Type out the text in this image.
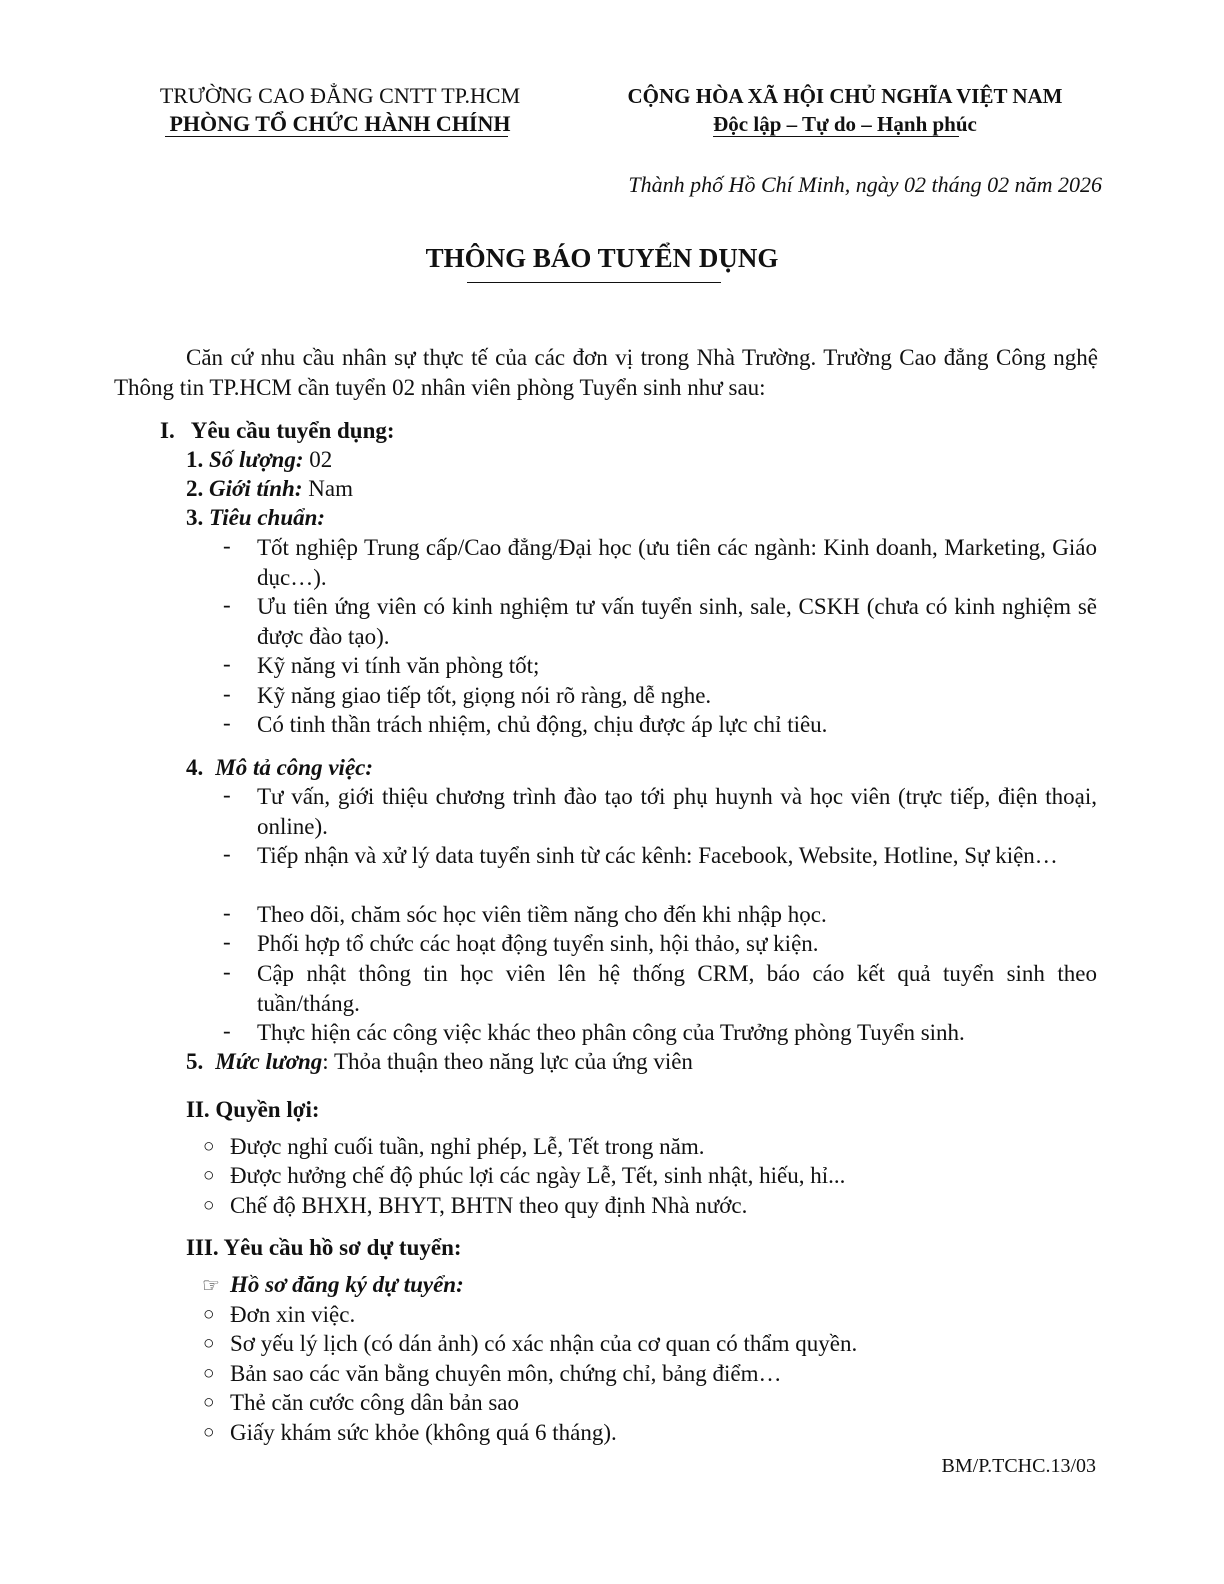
TRƯỜNG CAO ĐẲNG CNTT TP.HCM
PHÒNG TỔ CHỨC HÀNH CHÍNH
CỘNG HÒA XÃ HỘI CHỦ NGHĨA VIỆT NAM
Độc lập – Tự do – Hạnh phúc
Thành phố Hồ Chí Minh, ngày 02 tháng 02 năm 2026
THÔNG BÁO TUYỂN DỤNG
Căn cứ nhu cầu nhân sự thực tế của các đơn vị trong Nhà Trường. Trường Cao đẳng Công nghệ Thông tin TP.HCM cần tuyển 02 nhân viên phòng Tuyển sinh như sau:
I. Yêu cầu tuyển dụng:
1. Số lượng: 02
2. Giới tính: Nam
3. Tiêu chuẩn:
- Tốt nghiệp Trung cấp/Cao đẳng/Đại học (ưu tiên các ngành: Kinh doanh, Marketing, Giáo dục…).
- Ưu tiên ứng viên có kinh nghiệm tư vấn tuyển sinh, sale, CSKH (chưa có kinh nghiệm sẽ được đào tạo).
- Kỹ năng vi tính văn phòng tốt;
- Kỹ năng giao tiếp tốt, giọng nói rõ ràng, dễ nghe.
- Có tinh thần trách nhiệm, chủ động, chịu được áp lực chỉ tiêu.
4. Mô tả công việc:
- Tư vấn, giới thiệu chương trình đào tạo tới phụ huynh và học viên (trực tiếp, điện thoại, online).
- Tiếp nhận và xử lý data tuyển sinh từ các kênh: Facebook, Website, Hotline, Sự kiện…
- Theo dõi, chăm sóc học viên tiềm năng cho đến khi nhập học.
- Phối hợp tổ chức các hoạt động tuyển sinh, hội thảo, sự kiện.
- Cập nhật thông tin học viên lên hệ thống CRM, báo cáo kết quả tuyển sinh theo tuần/tháng.
- Thực hiện các công việc khác theo phân công của Trưởng phòng Tuyển sinh.
5. Mức lương: Thỏa thuận theo năng lực của ứng viên
II. Quyền lợi:
○ Được nghỉ cuối tuần, nghỉ phép, Lễ, Tết trong năm.
○ Được hưởng chế độ phúc lợi các ngày Lễ, Tết, sinh nhật, hiếu, hỉ...
○ Chế độ BHXH, BHYT, BHTN theo quy định Nhà nước.
III. Yêu cầu hồ sơ dự tuyển:
☞ Hồ sơ đăng ký dự tuyển:
○ Đơn xin việc.
○ Sơ yếu lý lịch (có dán ảnh) có xác nhận của cơ quan có thẩm quyền.
○ Bản sao các văn bằng chuyên môn, chứng chỉ, bảng điểm…
○ Thẻ căn cước công dân bản sao
○ Giấy khám sức khỏe (không quá 6 tháng).
BM/P.TCHC.13/03
